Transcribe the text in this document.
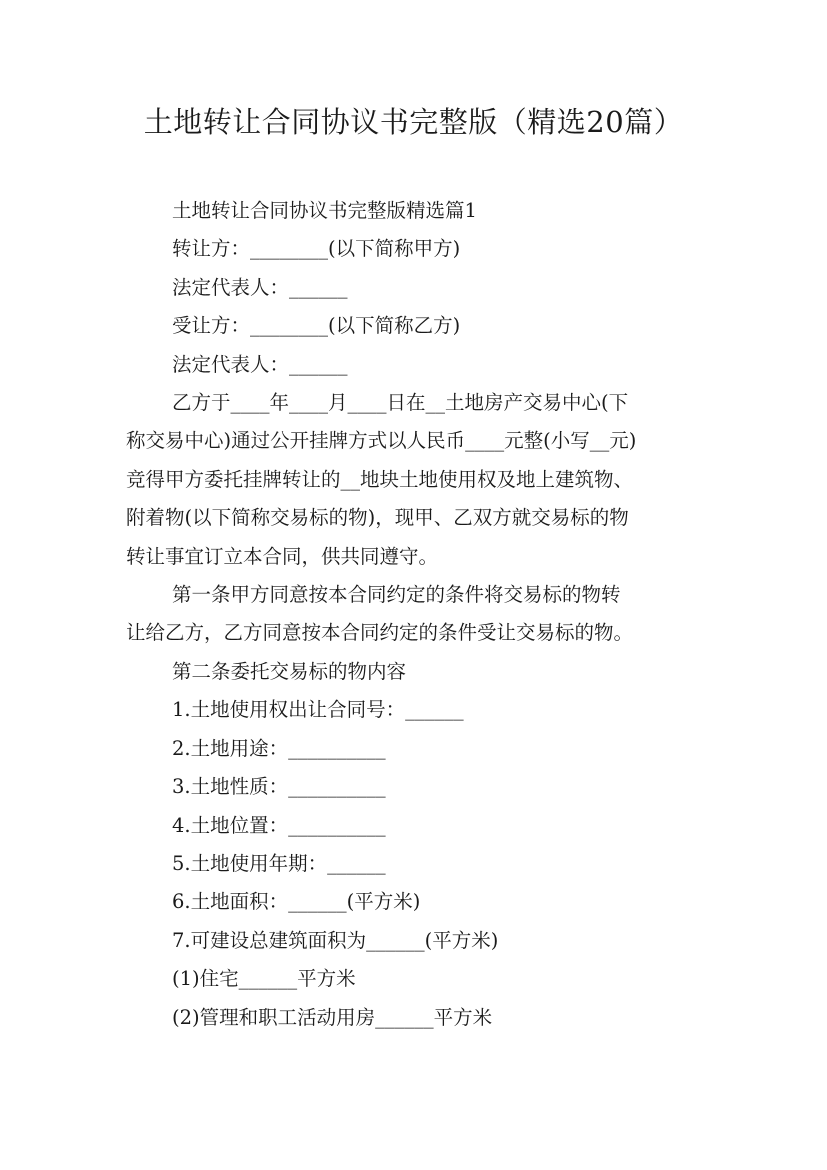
土地转让合同协议书完整版（精选20篇）

土地转让合同协议书完整版精选篇1

转让方：________(以下简称甲方)

法定代表人：______

受让方：________(以下简称乙方)

法定代表人：______

乙方于____年____月____日在__土地房产交易中心(下

称交易中心)通过公开挂牌方式以人民币____元整(小写__元)

竞得甲方委托挂牌转让的__地块土地使用权及地上建筑物、

附着物(以下简称交易标的物)，现甲、乙双方就交易标的物

转让事宜订立本合同，供共同遵守。

第一条甲方同意按本合同约定的条件将交易标的物转

让给乙方，乙方同意按本合同约定的条件受让交易标的物。

第二条委托交易标的物内容

1.土地使用权出让合同号：______

2.土地用途：__________

3.土地性质：__________

4.土地位置：__________

5.土地使用年期：______

6.土地面积：______(平方米)

7.可建设总建筑面积为______(平方米)

(1)住宅______平方米

(2)管理和职工活动用房______平方米
